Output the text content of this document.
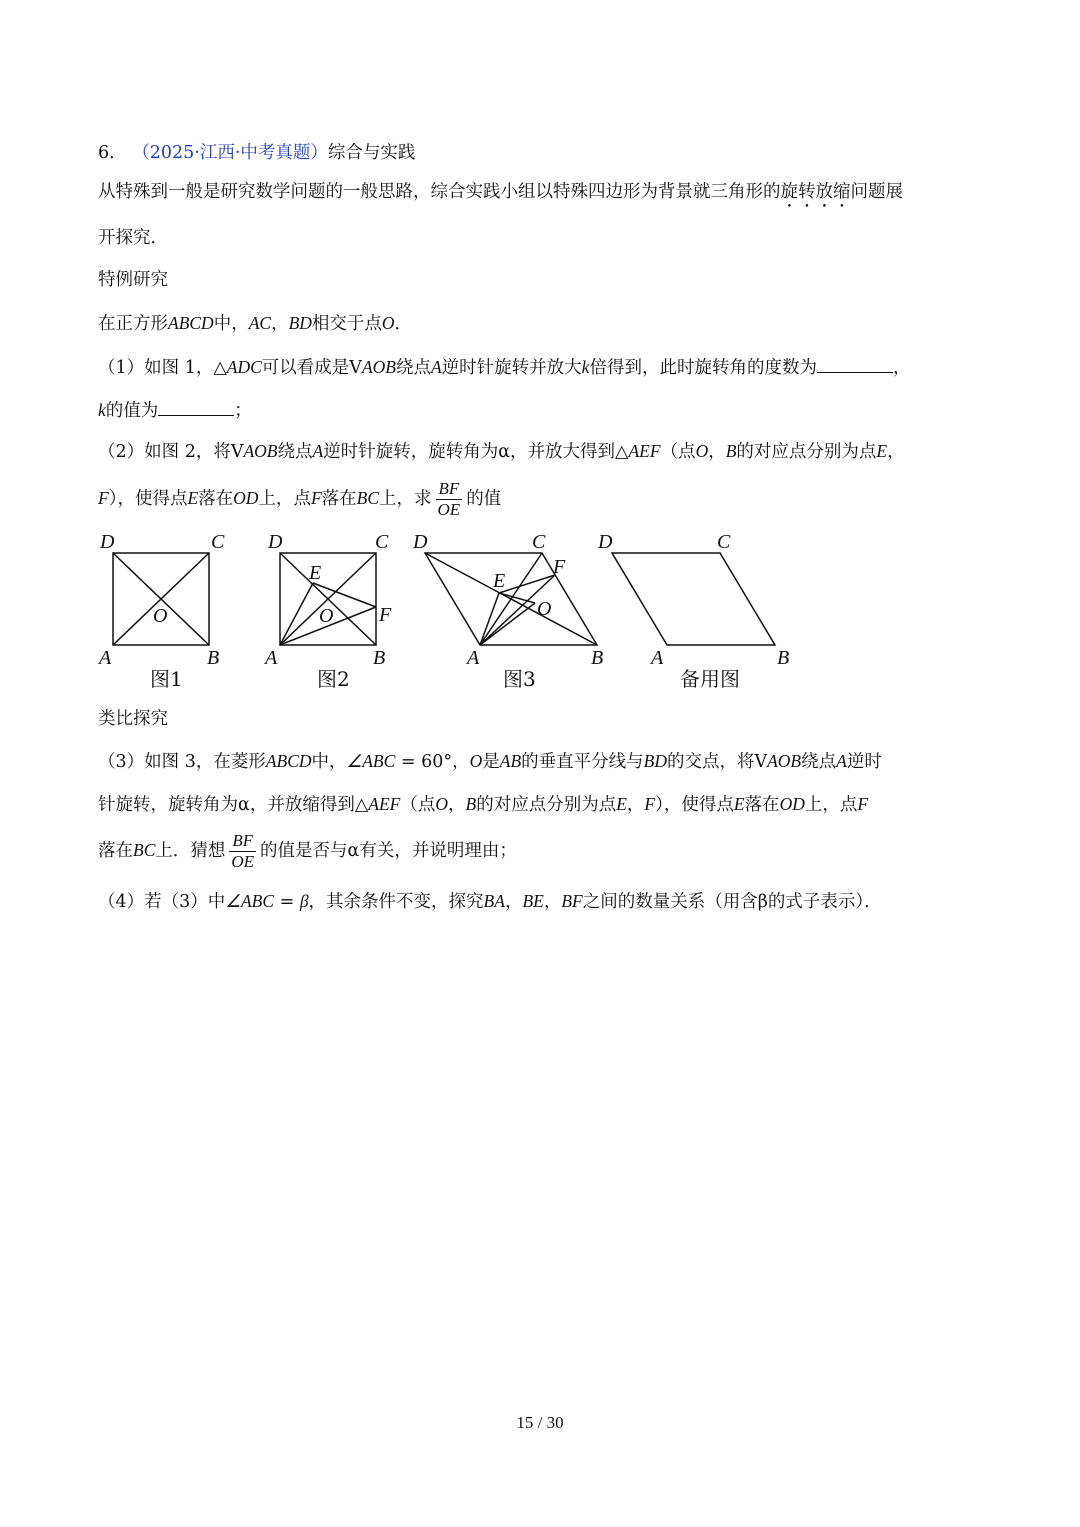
6． （2025·江西·中考真题）综合与实践
从特殊到一般是研究数学问题的一般思路，综合实践小组以特殊四边形为背景就三角形的旋转放缩问题展
开探究．
特例研究
在正方形ABCD中，AC，BD相交于点O．
（1）如图 1，△ADC可以看成是VAOB绕点A逆时针旋转并放大k倍得到，此时旋转角的度数为	，
k的值为	；
（2）如图 2，将VAOB绕点A逆时针旋转，旋转角为α，并放大得到△AEF（点O，B的对应点分别为点E，
F），使得点E落在OD上，点F落在BC上，求 $\frac{BF}{OE}$ 的值
D	C
A	B
O
图1
D	C
A	B
E
O F
图2
D	C
A	B
E
O
F
图3
D	C
A	B
备用图
类比探究
（3）如图 3，在菱形ABCD中，∠ABC = 60°，O是AB的垂直平分线与BD的交点，将VAOB绕点A逆时
针旋转，旋转角为α，并放缩得到△AEF（点O，B的对应点分别为点E，F），使得点E落在OD上，点F
落在BC上．猜想 $\frac{BF}{OE}$ 的值是否与α有关，并说明理由；
（4）若（3）中∠ABC = β，其余条件不变，探究BA，BE，BF之间的数量关系（用含β的式子表示）．
15 / 30
